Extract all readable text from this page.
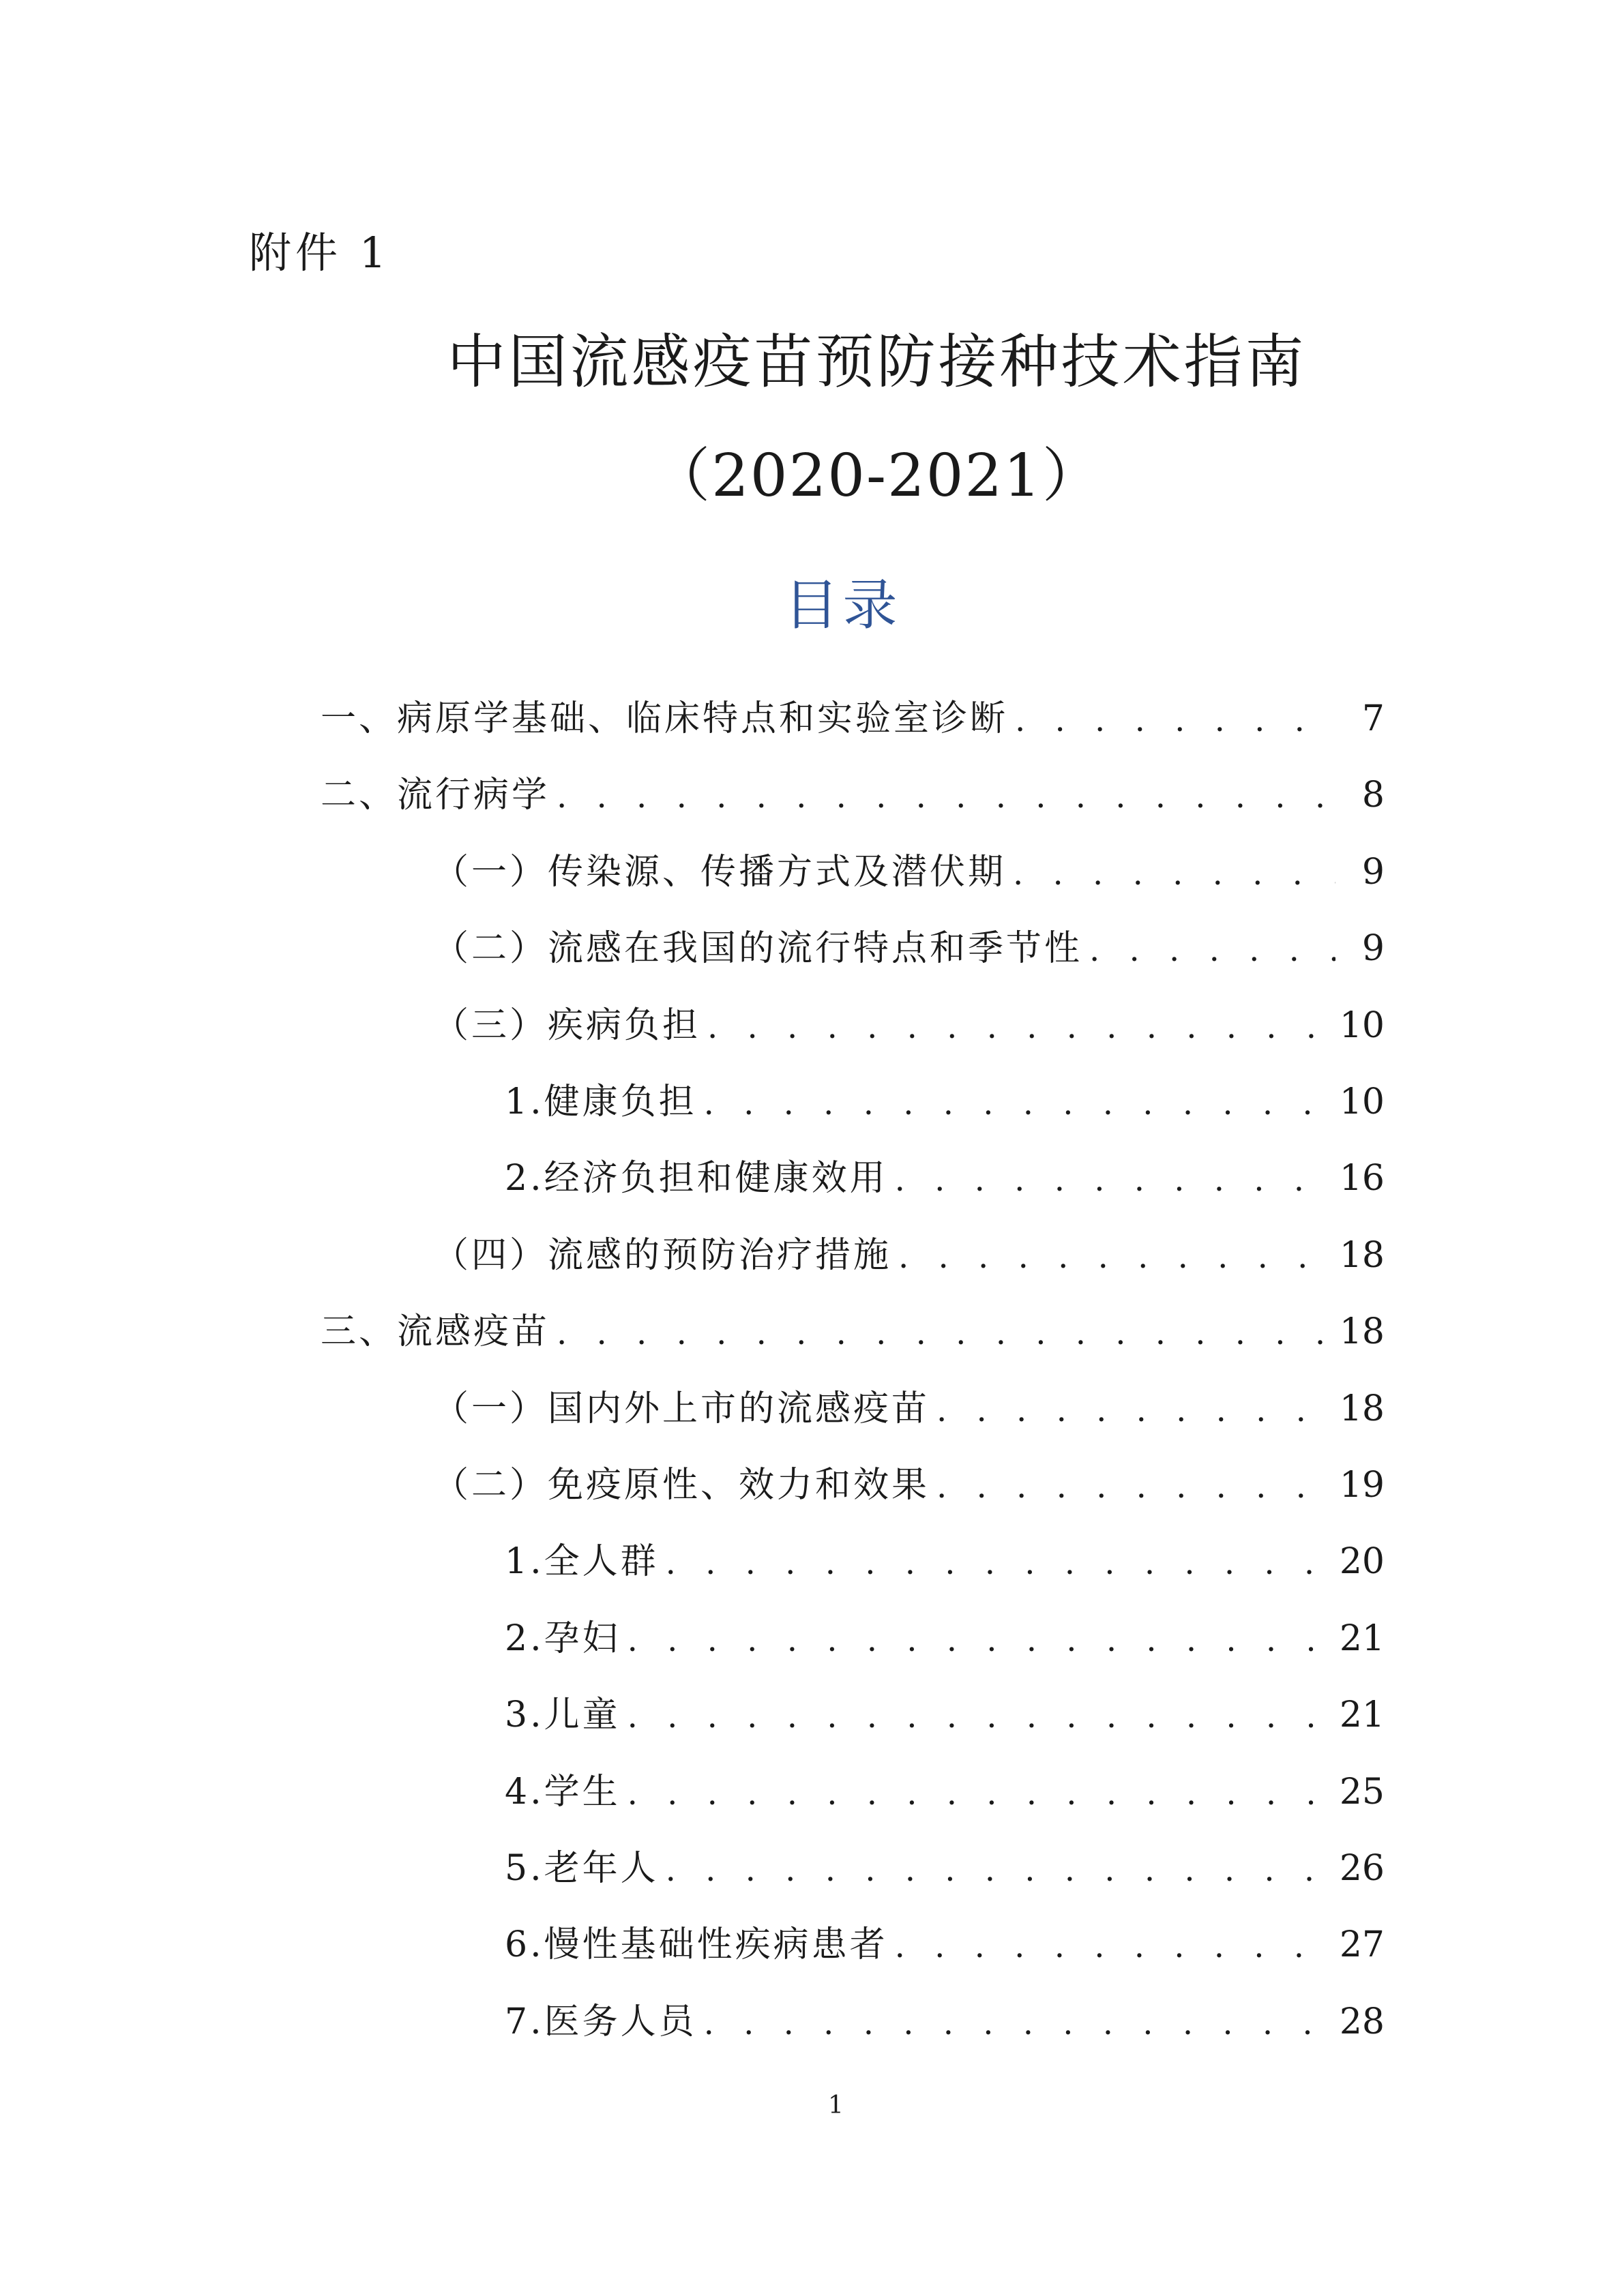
附件 1
中国流感疫苗预防接种技术指南
（2020-2021）
目录
一、病原学基础、临床特点和实验室诊断 . . .	7
二、流行病学 . . .	8
（一）传染源、传播方式及潜伏期 . . .	9
（二）流感在我国的流行特点和季节性 . . .	9
（三）疾病负担 . . .	10
1.健康负担 . . .	10
2.经济负担和健康效用 . . .	16
（四）流感的预防治疗措施 . . .	18
三、流感疫苗 . . .	18
（一）国内外上市的流感疫苗 . . .	18
（二）免疫原性、效力和效果 . . .	19
1.全人群 . . .	20
2.孕妇 . . .	21
3.儿童 . . .	21
4.学生 . . .	25
5.老年人 . . .	26
6.慢性基础性疾病患者 . . .	27
7.医务人员 . . .	28
1
